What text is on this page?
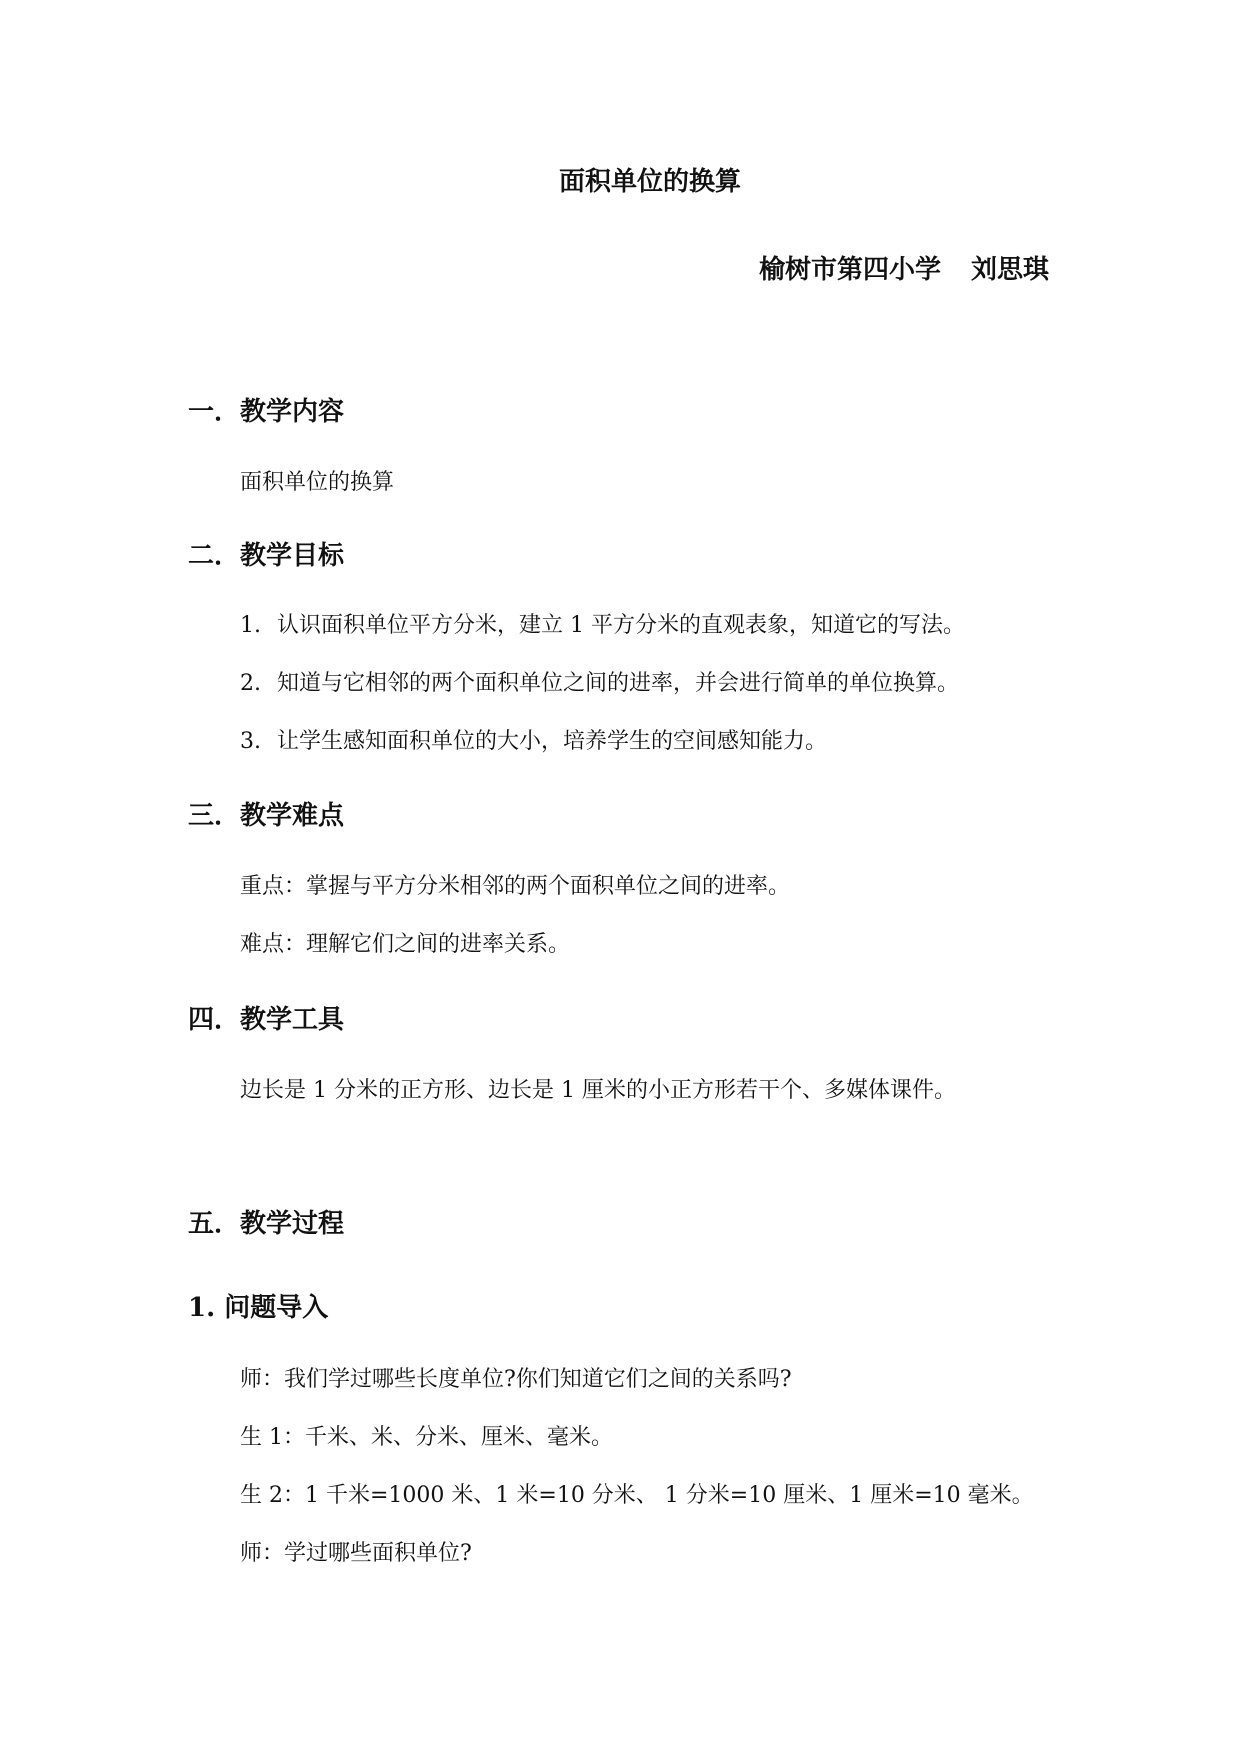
面积单位的换算
榆树市第四小学 刘思琪
一．教学内容
面积单位的换算
二．教学目标
1. 认识面积单位平方分米，建立 1 平方分米的直观表象，知道它的写法。
2. 知道与它相邻的两个面积单位之间的进率，并会进行简单的单位换算。
3. 让学生感知面积单位的大小，培养学生的空间感知能力。
三．教学难点
重点：掌握与平方分米相邻的两个面积单位之间的进率。
难点：理解它们之间的进率关系。
四．教学工具
边长是 1 分米的正方形、边长是 1 厘米的小正方形若干个、多媒体课件。
五．教学过程
1. 问题导入
师：我们学过哪些长度单位?你们知道它们之间的关系吗?
生 1：千米、米、分米、厘米、毫米。
生 2：1 千米=1000 米、1 米=10 分米、 1 分米=10 厘米、1 厘米=10 毫米。
师：学过哪些面积单位?
